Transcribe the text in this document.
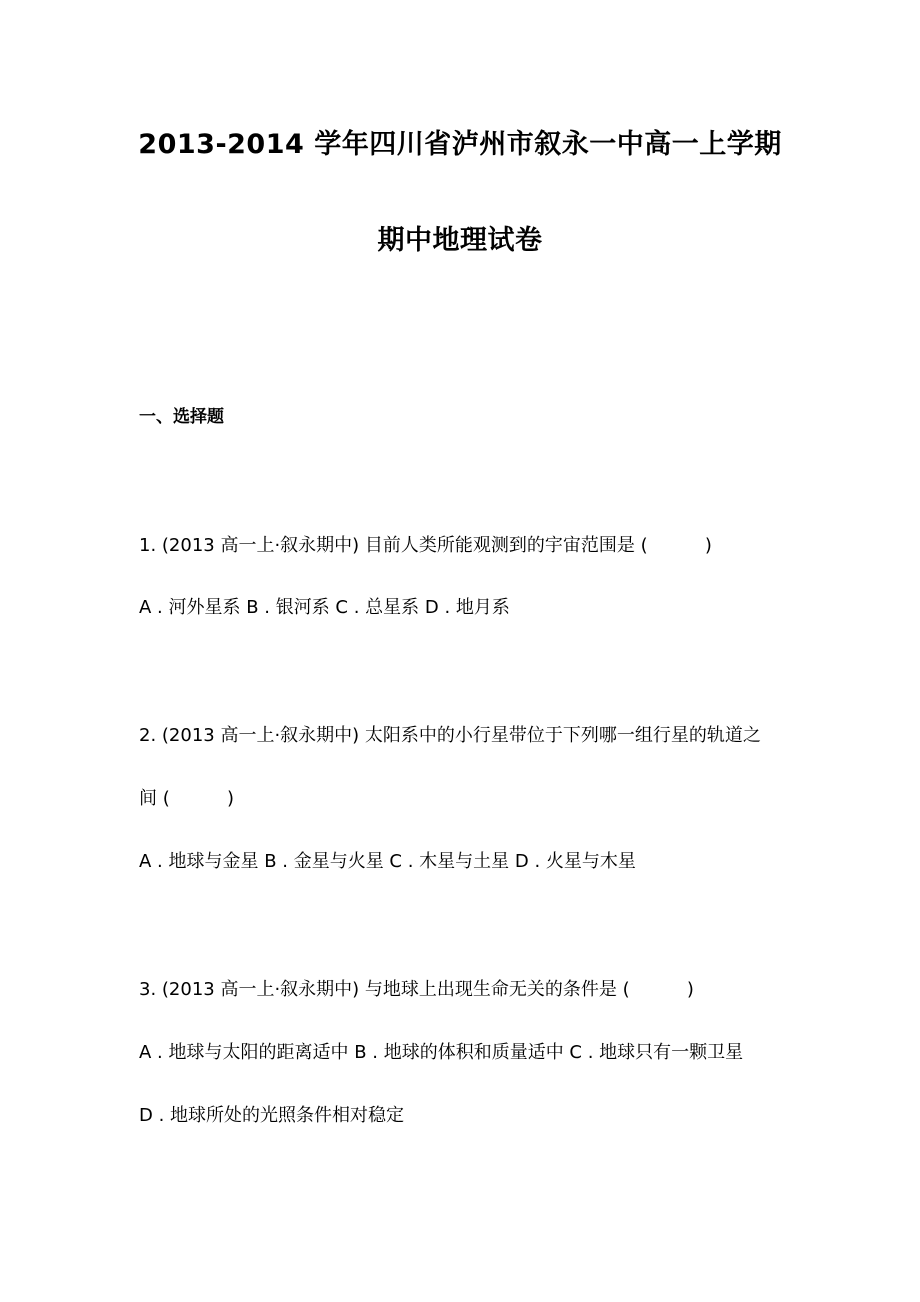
2013-2014 学年四川省泸州市叙永一中高一上学期
期中地理试卷
一、选择题
1. (2013 高一上·叙永期中) 目前人类所能观测到的宇宙范围是 (          )
A . 河外星系 B . 银河系 C . 总星系 D . 地月系
2. (2013 高一上·叙永期中) 太阳系中的小行星带位于下列哪一组行星的轨道之
间 (          )
A . 地球与金星 B . 金星与火星 C . 木星与土星 D . 火星与木星
3. (2013 高一上·叙永期中) 与地球上出现生命无关的条件是 (          )
A . 地球与太阳的距离适中 B . 地球的体积和质量适中 C . 地球只有一颗卫星
D . 地球所处的光照条件相对稳定
